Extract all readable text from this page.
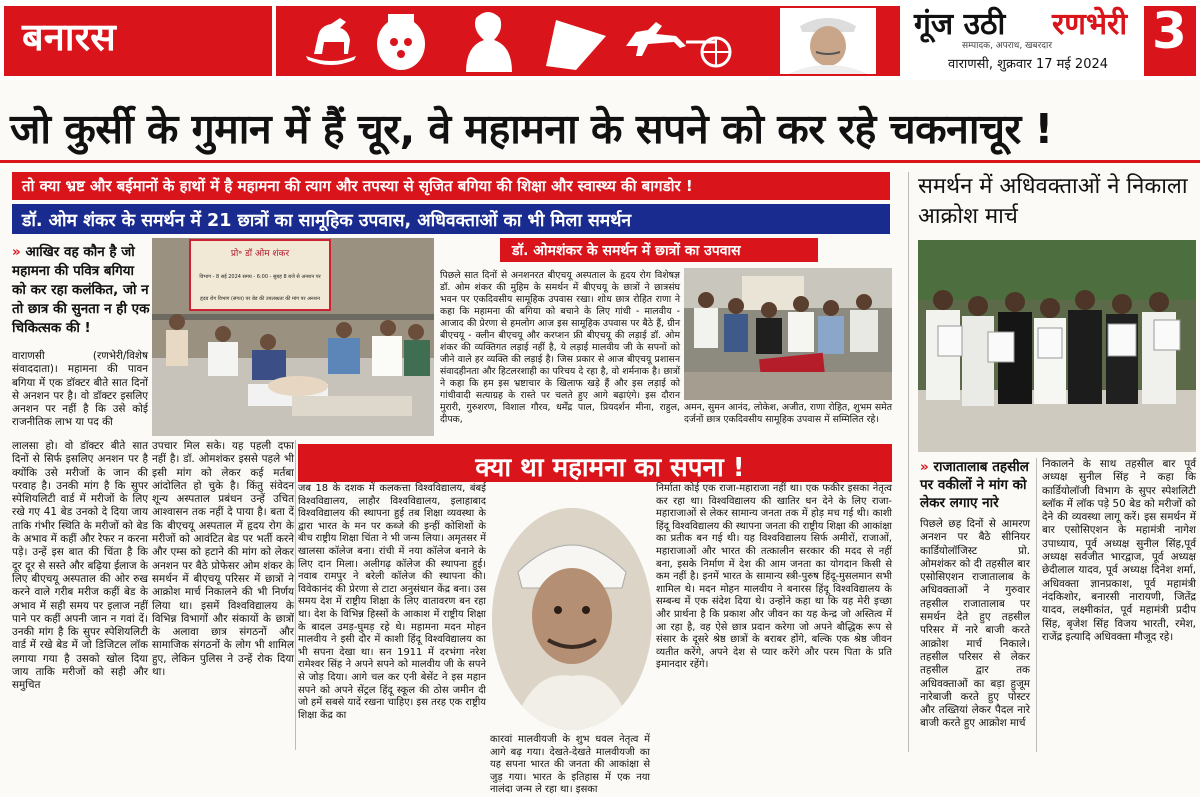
बनारस	गूंज उठी रणभेरी
सम्पादक, अपराध, खबरदार
वाराणसी, शुक्रवार 17 मई 2024
3
जो कुर्सी के गुमान में हैं चूर, वे महामना के सपने को कर रहे चकनाचूर !
तो क्या भ्रष्ट और बईमानों के हाथों में है महामना की त्याग और तपस्या से सृजित बगिया की शिक्षा और स्वास्थ्य की बागडोर !
डॉ. ओम शंकर के समर्थन में 21 छात्रों का सामूहिक उपवास, अधिवक्ताओं का भी मिला समर्थन
» आखिर वह कौन है जो महामना की पवित्र बगिया को कर रहा कलंकित, जो न तो छात्र की सुनता न ही एक चिकित्सक की !
वाराणसी (रणभेरी/विशेष संवाददाता)। महामना की पावन बगिया में एक डॉक्टर बीते सात दिनों से अनशन पर है। वो डॉक्टर इसलिए अनशन पर नहीं है कि उसे कोई राजनीतिक लाभ या पद की
लालसा हो। वो डॉक्टर बीते सात दिनों से सिर्फ इसलिए अनशन पर है क्योंकि उसे मरीजों के जान की परवाह है। उनकी मांग है कि सुपर स्पेशियलिटी वार्ड में मरीजों के लिए रखे गए 41 बेड उनको दे दिया जाय ताकि गंभीर स्थिति के मरीजों को बेड के अभाव में कहीं और रेफर न करना पड़े। उन्हें इस बात की चिंता है कि दूर दूर से सस्ते और बढ़िया ईलाज के लिए बीएचयू अस्पताल की ओर रुख करने वाले गरीब मरीज कहीं बेड के अभाव में सही समय पर इलाज नहीं पाने पर कहीं अपनी जान न गवां दें। उनकी मांग है कि सुपर स्पेशियलिटी वार्ड में रखे बेड में जो डिजिटल लॉक लगाया गया है उसको खोल दिया जाय ताकि मरीजों को सही और समुचित
उपचार मिल सके। यह पहली दफा नहीं है। डॉ. ओमशंकर इससे पहले भी इसी मांग को लेकर कई मर्तबा आंदोलित हो चुके है। किंतु संवेदन शून्य अस्पताल प्रबंधन उन्हें उचित आश्वासन तक नहीं दे पाया है। बता दें कि बीएचयू अस्पताल में हृदय रोग के मरीजों को आवंटित बेड पर भर्ती करने और एम्स को हटाने की मांग को लेकर अनशन पर बैठे प्रोफेसर ओम शंकर के समर्थन में बीएचयू परिसर में छात्रों ने आक्रोश मार्च निकालने की भी निर्णय लिया था। इसमें विश्वविद्यालय के विभिन्न विभागों और संकायों के छात्रों के अलावा छात्र संगठनों और सामाजिक संगठनों के लोग भी शामिल हुए, लेकिन पुलिस ने उन्हें रोक दिया था।
प्रो॰ डॉ ओम शंकर
विभाग - 8 सई 2024 समय - 6:00 - सुबह 8 बजे से अनशन पर
हृदय रोग विभाग (संगत) पर बेड की उपलब्धता की मांग पर अनशन
डॉ. ओमशंकर के समर्थन में छात्रों का उपवास
पिछले सात दिनों से अनशनरत बीएचयू अस्पताल के हृदय रोग विशेषज्ञ डॉ. ओम शंकर की मुहिम के समर्थन में बीएचयू के छात्रों ने छात्रसंघ भवन पर एकदिवसीय सामूहिक उपवास रखा। शोध छात्र रोहित राणा ने कहा कि महामना की बगिया को बचाने के लिए गांधी - मालवीय - आजाद की प्रेरणा से हमलोग आज इस सामूहिक उपवास पर बैठे हैं, ग्रीन बीएचयू - क्लीन बीएचयू और करप्शन फ्री बीएचयू की लड़ाई डॉ. ओम शंकर की व्यक्तिगत लड़ाई नहीं है, ये लड़ाई मालवीय जी के सपनों को जीने वाले हर व्यक्ति की लड़ाई है। जिस प्रकार से आज बीएचयू प्रशासन संवादहीनता और हिटलरशाही का परिचय दे रहा है, वो शर्मनाक है। छात्रों ने कहा कि हम इस भ्रष्टाचार के खिलाफ खड़े हैं और इस लड़ाई को गांधीवादी सत्याग्रह के रास्ते पर चलते हुए आगे बढ़ाएंगे। इस दौरान मुरारी, गुरुशरण, विशाल गौरव, धर्मेंद्र पाल, प्रियदर्शन मीना, राहुल, दीपक,
अमन, सुमन आनंद, लोकेश, अजीत, राणा रोहित, शुभम समेत दर्जनों छात्र एकदिवसीय सामूहिक उपवास में सम्मिलित रहे।
क्या था महामना का सपना !
जब 18 के दशक में कलकत्ता विश्वविद्यालय, बंबई विश्वविद्यालय, लाहौर विश्वविद्यालय, इलाहाबाद विश्वविद्यालय की स्थापना हुई तब शिक्षा व्यवस्था के द्वारा भारत के मन पर कब्जे की इन्हीं कोशिशों के बीच राष्ट्रीय शिक्षा चिंता ने भी जन्म लिया। अमृतसर में खालसा कॉलेज बना। रांची में नया कॉलेज बनाने के लिए दान मिला। अलीगढ़ कॉलेज की स्थापना हुई। नवाब रामपुर ने बरेली कॉलेज की स्थापना की। विवेकानंद की प्रेरणा से टाटा अनुसंधान केंद्र बना। उस समय देश में राष्ट्रीय शिक्षा के लिए वातावरण बन रहा था। देश के विभिन्न हिस्सों के आकाश में राष्ट्रीय शिक्षा के बादल उमड़-घुमड़ रहे थे। महामना मदन मोहन मालवीय ने इसी दौर में काशी हिंदू विश्वविद्यालय का भी सपना देखा था। सन 1911 में दरभंगा नरेश रामेश्वर सिंह ने अपने सपने को मालवीय जी के सपने से जोड़ दिया। आगे चल कर एनी बेसेंट ने इस महान सपने को अपने सेंट्रल हिंदू स्कूल की ठोस जमीन दी जो हमें सबसे यादें रखना चाहिए। इस तरह एक राष्ट्रीय शिक्षा केंद्र का
कारवां मालवीयजी के शुभ धवल नेतृत्व में आगे बढ़ गया। देखते-देखते मालवीयजी का यह सपना भारत की जनता की आकांक्षा से जुड़ गया। भारत के इतिहास में एक नया नालंदा जन्म ले रहा था। इसका
निर्माता कोई एक राजा-महाराजा नहीं था। एक फकीर इसका नेतृत्व कर रहा था। विश्वविद्यालय की खातिर धन देने के लिए राजा-महाराजाओं से लेकर सामान्य जनता तक में होड़ मच गई थी। काशी हिंदू विश्वविद्यालय की स्थापना जनता की राष्ट्रीय शिक्षा की आकांक्षा का प्रतीक बन गई थी। यह विश्वविद्यालय सिर्फ अमीरों, राजाओं, महाराजाओं और भारत की तत्कालीन सरकार की मदद से नहीं बना, इसके निर्माण में देश की आम जनता का योगदान किसी से कम नहीं है। इनमें भारत के सामान्य स्त्री-पुरुष हिंदू-मुसलमान सभी शामिल थे। मदन मोहन मालवीय ने बनारस हिंदू विश्वविद्यालय के सम्बन्ध में एक संदेश दिया थे। उन्होंने कहा था कि यह मेरी इच्छा और प्रार्थना है कि प्रकाश और जीवन का यह केन्द्र जो अस्तित्व में आ रहा है, वह ऐसे छात्र प्रदान करेगा जो अपने बौद्धिक रूप से संसार के दूसरे श्रेष्ठ छात्रों के बराबर होंगे, बल्कि एक श्रेष्ठ जीवन व्यतीत करेंगे, अपने देश से प्यार करेंगे और परम पिता के प्रति इमानदार रहेंगे।
समर्थन में अधिवक्ताओं ने निकाला आक्रोश मार्च
» राजातालाब तहसील पर वकीलों ने मांग को लेकर लगाए नारे
पिछले छह दिनों से आमरण अनशन पर बैठे सीनियर कार्डियोलॉजिस्ट प्रो. ओमशंकर को दी तहसील बार एसोसिएशन राजातालाब के अधिवक्ताओं ने गुरुवार तहसील राजातालाब पर समर्थन देते हुए तहसील परिसर में नारे बाजी करते आक्रोश मार्च निकाले। तहसील परिसर से लेकर तहसील द्वार तक अधिवक्ताओं का बड़ा हुजूम नारेबाजी करते हुए पोस्टर और तख्तियां लेकर पैदल नारे बाजी करते हुए आक्रोश मार्च
निकालने के साथ तहसील बार पूर्व अध्यक्ष सुनील सिंह ने कहा कि कार्डियोलॉजी विभाग के सुपर स्पेशलिटी ब्लॉक में लॉक पड़े 50 बेड को मरीजों को देने की व्यवस्था लागू करें। इस समर्थन में बार एसोसिएशन के महामंत्री नागेश उपाध्याय, पूर्व अध्यक्ष सुनील सिंह,पूर्व अध्यक्ष सर्वजीत भारद्वाज, पूर्व अध्यक्ष छेदीलाल यादव, पूर्व अध्यक्ष दिनेश शर्मा, अधिवक्ता ज्ञानप्रकाश, पूर्व महामंत्री नंदकिशोर, बनारसी नारायणी, जितेंद्र यादव, लक्ष्मीकांत, पूर्व महामंत्री प्रदीप सिंह, बृजेश सिंह विजय भारती, रमेश, राजेंद्र इत्यादि अधिवक्ता मौजूद रहे।
